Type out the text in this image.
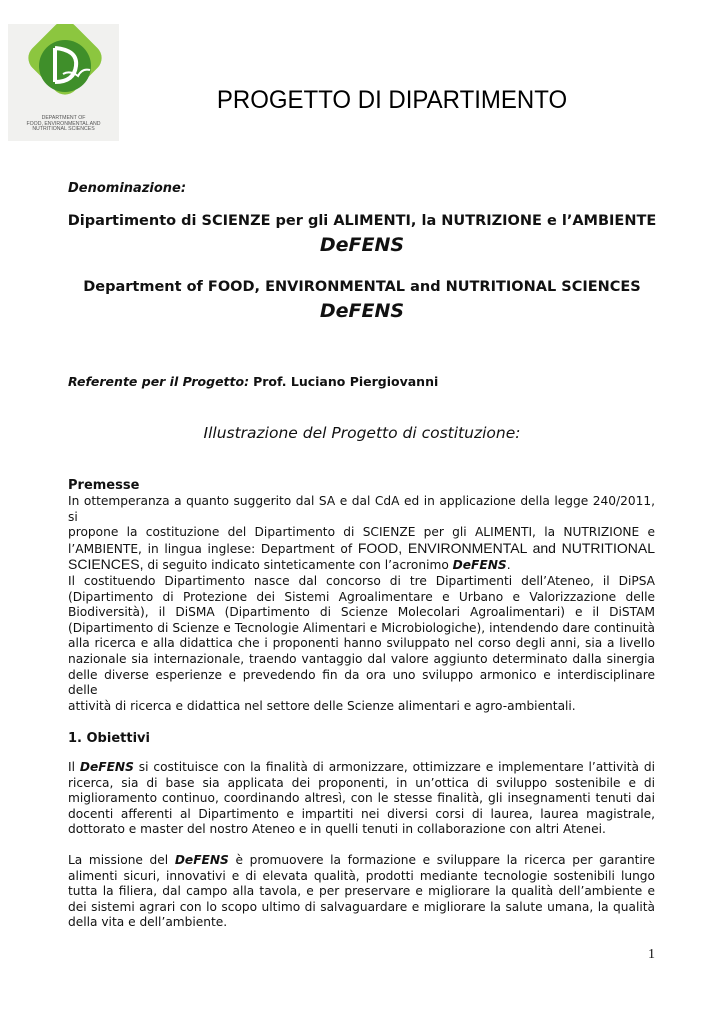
DEPARTMENT OF
FOOD, ENVIRONMENTAL AND
NUTRITIONAL SCIENCES
PROGETTO DI DIPARTIMENTO
Denominazione:
Dipartimento di SCIENZE per gli ALIMENTI, la NUTRIZIONE e l’AMBIENTE
DeFENS
Department of FOOD, ENVIRONMENTAL and NUTRITIONAL SCIENCES
DeFENS
Referente per il Progetto: Prof. Luciano Piergiovanni
Illustrazione del Progetto di costituzione:
Premesse
In ottemperanza a quanto suggerito dal SA e dal CdA ed in applicazione della legge 240/2011, si
propone la costituzione del Dipartimento di SCIENZE per gli ALIMENTI, la NUTRIZIONE e
l’AMBIENTE, in lingua inglese: Department of FOOD, ENVIRONMENTAL and NUTRITIONAL
SCIENCES, di seguito indicato sinteticamente con l’acronimo DeFENS.
Il costituendo Dipartimento nasce dal concorso di tre Dipartimenti dell’Ateneo, il DiPSA
(Dipartimento di Protezione dei Sistemi Agroalimentare e Urbano e Valorizzazione delle
Biodiversità), il DiSMA (Dipartimento di Scienze Molecolari Agroalimentari) e il DiSTAM
(Dipartimento di Scienze e Tecnologie Alimentari e Microbiologiche), intendendo dare continuità
alla ricerca e alla didattica che i proponenti hanno sviluppato nel corso degli anni, sia a livello
nazionale sia internazionale, traendo vantaggio dal valore aggiunto determinato dalla sinergia
delle diverse esperienze e prevedendo fin da ora uno sviluppo armonico e interdisciplinare delle
attività di ricerca e didattica nel settore delle Scienze alimentari e agro-ambientali.
1. Obiettivi
Il DeFENS si costituisce con la finalità di armonizzare, ottimizzare e implementare l’attività di
ricerca, sia di base sia applicata dei proponenti, in un’ottica di sviluppo sostenibile e di
miglioramento continuo, coordinando altresì, con le stesse finalità, gli insegnamenti tenuti dai
docenti afferenti al Dipartimento e impartiti nei diversi corsi di laurea, laurea magistrale,
dottorato e master del nostro Ateneo e in quelli tenuti in collaborazione con altri Atenei.
La missione del DeFENS è promuovere la formazione e sviluppare la ricerca per garantire
alimenti sicuri, innovativi e di elevata qualità, prodotti mediante tecnologie sostenibili lungo
tutta la filiera, dal campo alla tavola, e per preservare e migliorare la qualità dell’ambiente e
dei sistemi agrari con lo scopo ultimo di salvaguardare e migliorare la salute umana, la qualità
della vita e dell’ambiente.
1
